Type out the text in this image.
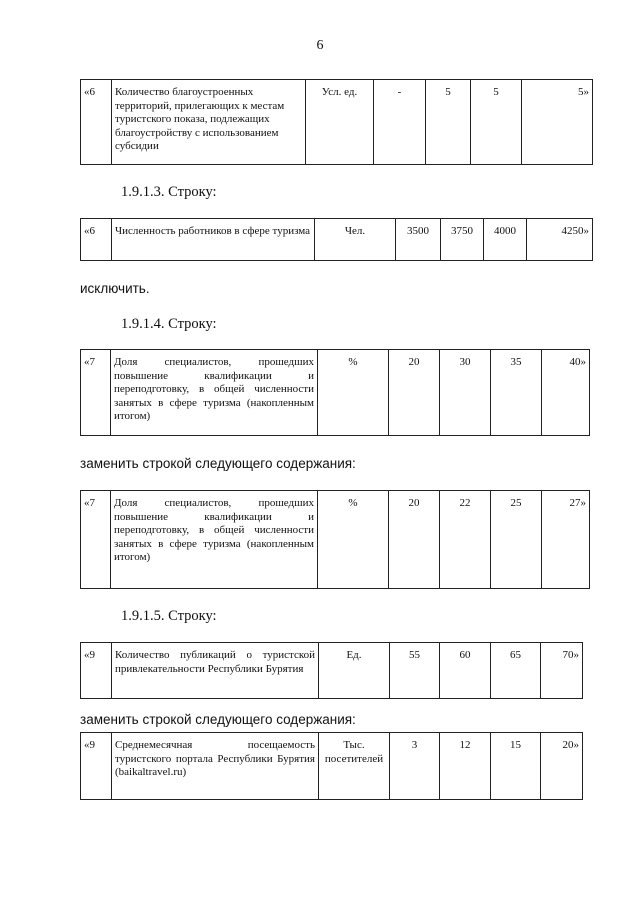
6
«6	Количество благоустроенных территорий, прилегающих к местам туристского показа, подлежащих благоустройству с использованием субсидии	Усл. ед.	-	5	5	5»
1.9.1.3. Строку:
«6	Численность работников в сфере туризма	Чел.	3500	3750	4000	4250»
исключить.
1.9.1.4. Строку:
«7	Доля специалистов, прошедших повышение квалификации и переподготовку, в общей численности занятых в сфере туризма (накопленным итогом)	%	20	30	35	40»
заменить строкой следующего содержания:
«7	Доля специалистов, прошедших повышение квалификации и переподготовку, в общей численности занятых в сфере туризма (накопленным итогом)	%	20	22	25	27»
1.9.1.5. Строку:
«9	Количество публикаций о туристской привлекательности Республики Бурятия	Ед.	55	60	65	70»
заменить строкой следующего содержания:
«9	Среднемесячная посещаемость туристского портала Республики Бурятия (baikaltravel.ru)	Тыс. посетителей	3	12	15	20»
